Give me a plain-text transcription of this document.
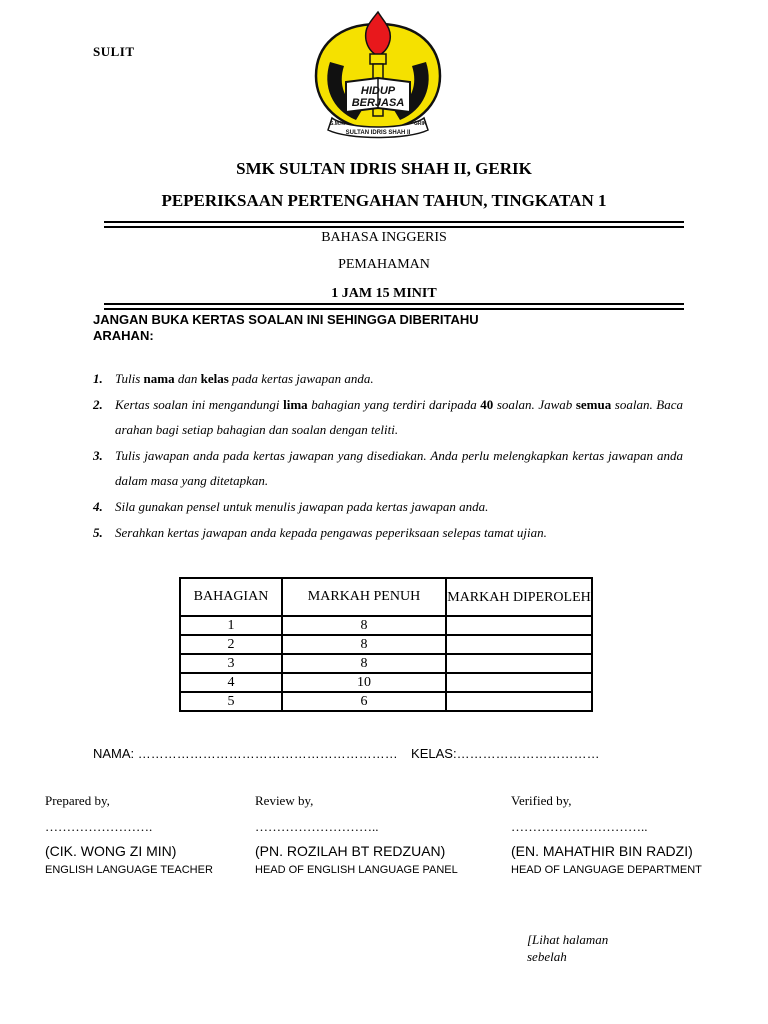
SULIT
HIDUP
BERJASA
S.M.K.	GRIK
SULTAN IDRIS SHAH II
SMK SULTAN IDRIS SHAH II, GERIK
PEPERIKSAAN PERTENGAHAN TAHUN, TINGKATAN 1
BAHASA INGGERIS
PEMAHAMAN
1 JAM 15 MINIT
JANGAN BUKA KERTAS SOALAN INI SEHINGGA DIBERITAHU
ARAHAN:
1. Tulis nama dan kelas pada kertas jawapan anda.
2. Kertas soalan ini mengandungi lima bahagian yang terdiri daripada 40 soalan. Jawab semua soalan. Baca arahan bagi setiap bahagian dan soalan dengan teliti.
3. Tulis jawapan anda pada kertas jawapan yang disediakan. Anda perlu melengkapkan kertas jawapan anda dalam masa yang ditetapkan.
4. Sila gunakan pensel untuk menulis jawapan pada kertas jawapan anda.
5. Serahkan kertas jawapan anda kepada pengawas peperiksaan selepas tamat ujian.
BAHAGIAN	MARKAH PENUH	MARKAH DIPEROLEH
1	8	
2	8	
3	8	
4	10	
5	6	
NAMA: …………………………………………………… KELAS:……………………………
Prepared by,
…………………….
(CIK. WONG ZI MIN)
ENGLISH LANGUAGE TEACHER
Review by,
………………………..
(PN. ROZILAH BT REDZUAN)
HEAD OF ENGLISH LANGUAGE PANEL
Verified by,
…………………………..
(EN. MAHATHIR BIN RADZI)
HEAD OF LANGUAGE DEPARTMENT
[Lihat halaman
sebelah
